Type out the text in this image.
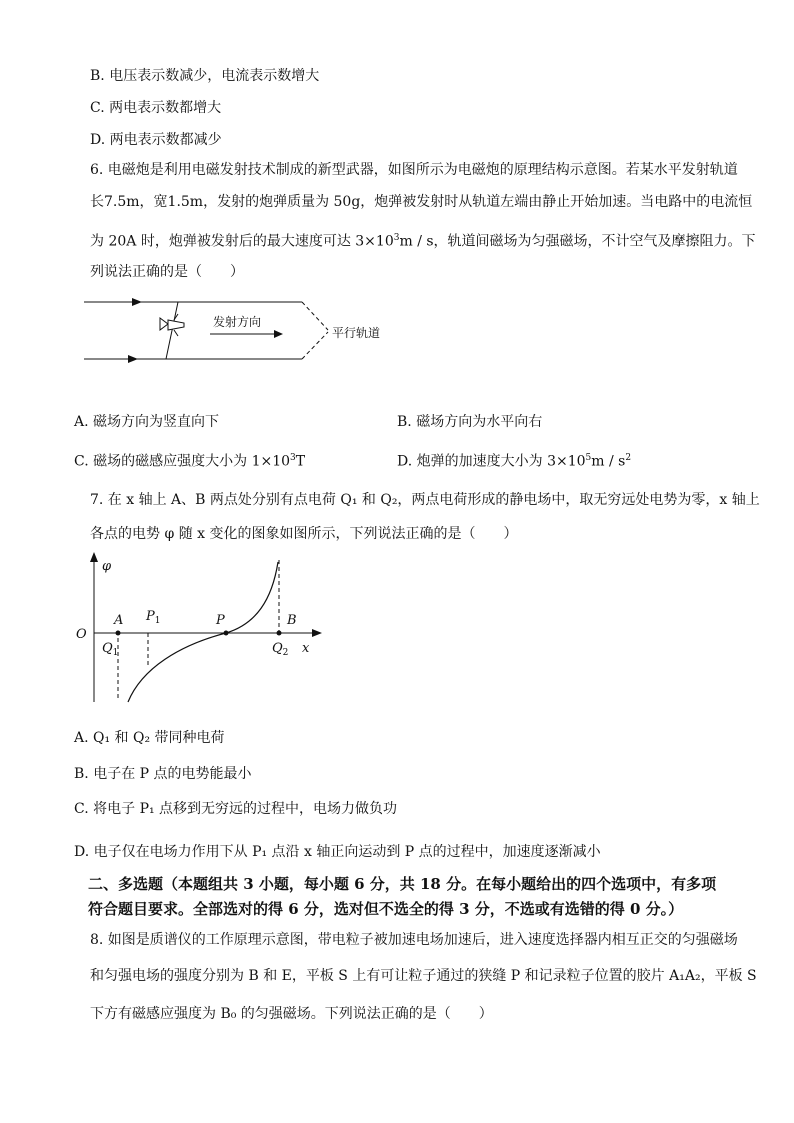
B. 电压表示数减少，电流表示数增大
C. 两电表示数都增大
D. 两电表示数都减少
6. 电磁炮是利用电磁发射技术制成的新型武器，如图所示为电磁炮的原理结构示意图。若某水平发射轨道
长7.5m，宽1.5m，发射的炮弹质量为 50g，炮弹被发射时从轨道左端由静止开始加速。当电路中的电流恒
为 20A 时，炮弹被发射后的最大速度可达 $3\times 10^3m / s$，轨道间磁场为匀强磁场，不计空气及摩擦阻力。下
列说法正确的是（　　）
发射方向
平行轨道
A. 磁场方向为竖直向下	B. 磁场方向为水平向右
C. 磁场的磁感应强度大小为 $1\times 10^3T$	D. 炮弹的加速度大小为 $3\times 10^5m / s^2$
7. 在 x 轴上 A、B 两点处分别有点电荷 Q₁ 和 Q₂，两点电荷形成的静电场中，取无穷远处电势为零，x 轴上
各点的电势 φ 随 x 变化的图象如图所示，下列说法正确的是（　　）
φ
O
x
A $P_1$	P	B
$Q_1$	$Q_2$
A. Q₁ 和 Q₂ 带同种电荷
B. 电子在 P 点的电势能最小
C. 将电子 P₁ 点移到无穷远的过程中，电场力做负功
D. 电子仅在电场力作用下从 P₁ 点沿 x 轴正向运动到 P 点的过程中，加速度逐渐减小
二、多选题（本题组共 3 小题，每小题 6 分，共 18 分。在每小题给出的四个选项中，有多项
符合题目要求。全部选对的得 6 分，选对但不选全的得 3 分，不选或有选错的得 0 分。）
8. 如图是质谱仪的工作原理示意图，带电粒子被加速电场加速后，进入速度选择器内相互正交的匀强磁场
和匀强电场的强度分别为 B 和 E，平板 S 上有可让粒子通过的狭缝 P 和记录粒子位置的胶片 A₁A₂，平板 S
下方有磁感应强度为 B₀ 的匀强磁场。下列说法正确的是（　　）
